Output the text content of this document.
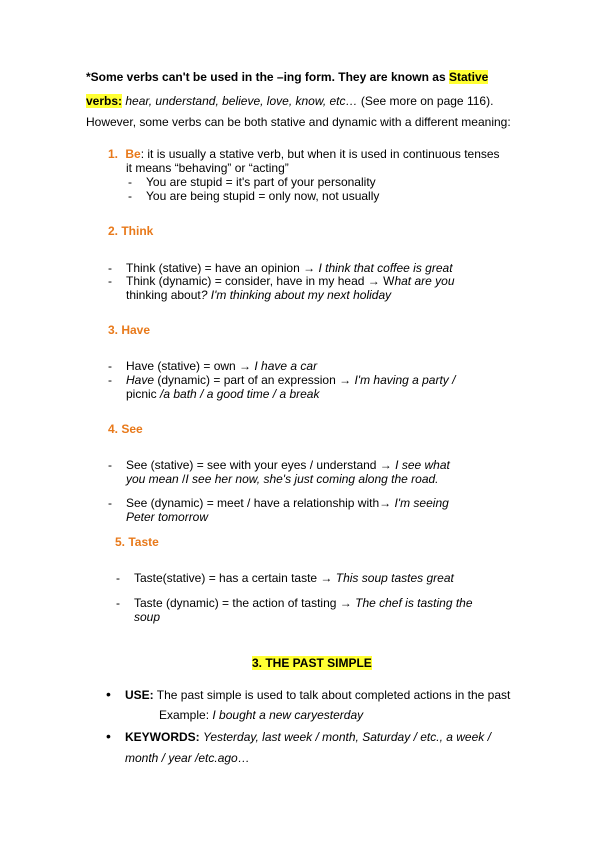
*Some verbs can't be used in the –ing form. They are known as Stative
verbs: hear, understand, believe, love, know, etc… (See more on page 116).
However, some verbs can be both stative and dynamic with a different meaning:
1. Be: it is usually a stative verb, but when it is used in continuous tenses
it means “behaving” or “acting”
- You are stupid = it's part of your personality
- You are being stupid = only now, not usually
2. Think
- Think (stative) = have an opinion → I think that coffee is great
- Think (dynamic) = consider, have in my head → What are you
thinking about? I'm thinking about my next holiday
3. Have
- Have (stative) = own → I have a car
- Have (dynamic) = part of an expression → I'm having a party /
picnic /a bath / a good time / a break
4. See
- See (stative) = see with your eyes / understand → I see what
you mean /I see her now, she's just coming along the road.
- See (dynamic) = meet / have a relationship with→ I'm seeing
Peter tomorrow
5. Taste
- Taste(stative) = has a certain taste → This soup tastes great
- Taste (dynamic) = the action of tasting → The chef is tasting the
soup
3. THE PAST SIMPLE
• USE: The past simple is used to talk about completed actions in the past
Example: I bought a new caryesterday
• KEYWORDS: Yesterday, last week / month, Saturday / etc., a week /
month / year /etc.ago…
